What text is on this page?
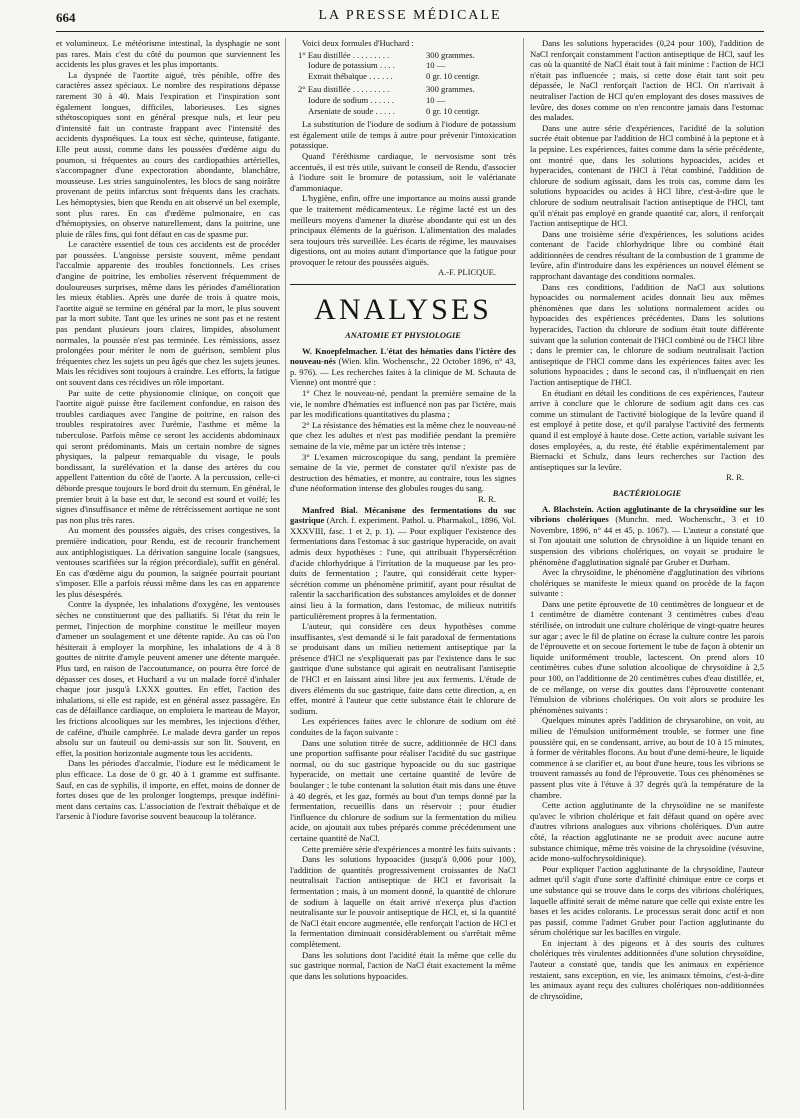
664	LA PRESSE MÉDICALE

et volumineux. Le météorisme intestinal, la dysphagie ne sont pas rares. Mais c'est du côté du poumon que surviennent les accidents les plus graves et les plus importants.

La dyspnée de l'aortite aiguë, très pénible, offre des caractères assez spéciaux. Le nombre des respirations dépasse rarement 30 à 40. Mais l'expiration et l'inspiration sont également longues, difficiles, laborieuses. Les signes sthétoscopiques sont en général presque nuls, et leur peu d'intensité fait un contraste frappant avec l'intensité des accidents dyspnéiques. La toux est sèche, quinteuse, fatigante. Elle peut aussi, comme dans les poussées d'œdème aigu du poumon, si fréquentes au cours des cardiopathies artérielles, s'accompagner d'une expectoration abondante, blanchâtre, mousseuse. Les stries sanguinolentes, les blocs de sang noirâtre provenant de petits infarctus sont fréquents dans les crachats. Les hémoptysies, bien que Rendu en ait observé un bel exemple, sont plus rares. En cas d'œdème pulmonaire, en cas d'hémoptysies, on observe naturellement, dans la poitrine, une pluie de râles fins, qui font défaut en cas de spasme pur.

Le caractère essentiel de tous ces accidents est de procéder par poussées. L'angoisse persiste souvent, même pendant l'accalmie apparente des troubles fonctionnels. Les crises d'angine de poitrine, les embolies réservent fréquemment de douloureuses surprises, même dans les périodes d'amélioration les mieux établies. Après une durée de trois à quatre mois, l'aortite aiguë se termine en général par la mort, le plus souvent par la mort subite. Tant que les urines ne sont pas et ne restent pas pendant plusieurs jours claires, limpides, absolument normales, la poussée n'est pas terminée. Les rémissions, assez prolongées pour mériter le nom de guérison, semblent plus fréquentes chez les sujets un peu âgés que chez les sujets jeunes. Mais les récidives sont toujours à craindre. Les efforts, la fatigue ont souvent dans ces récidives un rôle important.

Par suite de cette physionomie clinique, on conçoit que l'aortite aiguë puisse être facilement confondue, en raison des troubles cardiaques avec l'angine de poitrine, en raison des troubles respiratoires avec l'urémie, l'asthme et même la tuberculose. Parfois même ce seront les accidents abdominaux qui seront prédominants. Mais un certain nombre de signes physiques, la palpeur remarquable du visage, le pouls bondissant, la surélévation et la danse des artères du cou appellent l'attention du côté de l'aorte. A la percussion, celle-ci déborde presque toujours le bord droit du sternum. En général, le premier bruit à la base est dur, le second est sourd et voilé; les signes d'insuffisance et même de rétrécissement aortique ne sont pas non plus très rares.

Au moment des poussées aiguës, des crises congestives, la première indication, pour Rendu, est de recourir franchement aux antiphlogistiques. La dérivation sanguine locale (sangsues, ventouses scarifiées sur la région précordiale), suffit en général. En cas d'œdème aigu du poumon, la saignée pourrait pourtant s'imposer. Elle a parfois réussi même dans les cas en apparence les plus désespérés.

Contre la dyspnée, les inhalations d'oxygène, les ventouses sèches ne constitueront que des palliatifs. Si l'état du rein le permet, l'injection de morphine constitue le meilleur moyen d'amener un soulagement et une détente rapide. Au cas où l'on hésiterait à employer la morphine, les inhalations de 4 à 8 gouttes de nitrite d'amyle peuvent amener une détente marquée. Plus tard, en raison de l'accoutumance, on pourra être forcé de dépasser ces doses, et Huchard a vu un malade forcé d'inhaler chaque jour jusqu'à LXXX gouttes. En effet, l'action des inhalations, si elle est rapide, est en général assez passagère. En cas de défaillance cardiaque, on emploiera le marteau de Mayor, les frictions alcooliques sur les membres, les injections d'éther, de caféine, d'huile camphrée. Le malade devra garder un repos absolu sur un fauteuil ou demi-assis sur son lit. Souvent, en effet, la position horizontale augmente tous les accidents.

Dans les périodes d'accalmie, l'iodure est le médicament le plus efficace. La dose de 0 gr. 40 à 1 gramme est suffisante. Sauf, en cas de syphilis, il importe, en effet, moins de donner de fortes doses que de les prolonger longtemps, presque indéfiniment dans certains cas. L'association de l'extrait thébaïque et de l'arsenic à l'iodure favorise souvent beaucoup la tolérance.

Voici deux formules d'Huchard :

1° Eau distillée . . . . . . . . .	300 grammes.
Iodure de potassium . . . .	10 —
Extrait thébaïque . . . . . .	0 gr. 10 centigr.
2° Eau distillée . . . . . . . . .	300 grammes.
Iodure de sodium . . . . . .	10 —
Arseniate de soude . . . . .	0 gr. 10 centigr.

La substitution de l'iodure de sodium à l'iodure de potassium est également utile de temps à autre pour prévenir l'intoxication potassique.

Quand l'éréthisme cardiaque, le nervosisme sont très accentués, il est très utile, suivant le conseil de Rendu, d'associer à l'iodure soit le bromure de potassium, soit le valérianate d'ammoniaque.

L'hygiène, enfin, offre une importance au moins aussi grande que le traitement médicamenteux. Le régime lacté est un des meilleurs moyens d'amener la diurèse abondante qui est un des principaux éléments de la guérison. L'alimentation des malades sera toujours très surveillée. Les écarts de régime, les mauvaises digestions, ont au moins autant d'importance que la fatigue pour provoquer le retour des poussées aiguës.

A.-F. PLICQUE.
ANALYSES
ANATOMIE ET PHYSIOLOGIE

W. Knoepfelmacher. L'état des hématies dans l'ictère des nouveau-nés (Wien. klin. Wochenschr., 22 October 1896, n° 43, p. 976). — Les recherches faites à la clinique de M. Schauta de Vienne) ont montré que :

1° Chez le nouveau-né, pendant la première semaine de la vie, le nombre d'hématies est influencé non pas par l'ictère, mais par les modifications quantitatives du plasma ;

2° La résistance des hématies est la même chez le nouveau-né que chez les adultes et n'est pas modifiée pendant la première semaine de la vie, même par un ictère très intense ;

3° L'examen microscopique du sang, pendant la première semaine de la vie, permet de constater qu'il n'existe pas de destruction des hématies, et montre, au contraire, tous les signes d'une néoformation intense des globules rouges du sang.

R. R.

Manfred Bial. Mécanisme des fermentations du suc gastrique (Arch. f. experiment. Pathol. u. Pharmakol., 1896, Vol. XXXVIII, fasc. 1 et 2, p. 1). — Pour expliquer l'existence des fermentations dans l'estomac à suc gastrique hyperacide, on avait admis deux hypothèses : l'une, qui attribuait l'hypersécrétion d'acide chlorhydrique à l'irritation de la muqueuse par les produits de fermentation ; l'autre, qui considérait cette hypersécrétion comme un phénomène primitif, ayant pour résultat de ralentir la saccharification des substances amyloïdes et de donner ainsi lieu à la formation, dans l'estomac, de milieux nutritifs particulièrement propres à la fermentation.

L'auteur, qui considère ces deux hypothèses comme insuffisantes, s'est demandé si le fait paradoxal de fermentations se produisant dans un milieu nettement antiseptique par la présence d'HCl ne s'expliquerait pas par l'existence dans le suc gastrique d'une substance qui agirait en neutralisant l'antiseptie de l'HCl et en laissant ainsi libre jeu aux ferments. L'étude de divers éléments du suc gastrique, faite dans cette direction, a, en effet, montré à l'auteur que cette substance était le chlorure de sodium.

Les expériences faites avec le chlorure de sodium ont été conduites de la façon suivante :

Dans une solution titrée de sucre, additionnée de HCl dans une proportion suffisante pour réaliser l'acidité du suc gastrique normal, ou du suc gastrique hypoacide ou du suc gastrique hyperacide, on mettait une certaine quantité de levûre de boulanger ; le tube contenant la solution était mis dans une étuve à 40 degrés, et les gaz, formés au bout d'un temps donné par la fermentation, recueillis dans un réservoir ; pour étudier l'influence du chlorure de sodium sur la fermentation du milieu acide, on ajoutait aux tubes préparés comme précédemment une certaine quantité de NaCl.

Cette première série d'expériences a montré les faits suivants :

Dans les solutions hypoacides (jusqu'à 0,006 pour 100), l'addition de quantités progressivement croissantes de NaCl neutralisait l'action antiseptique de HCl et favorisait la fermentation ; mais, à un moment donné, la quantité de chlorure de sodium à laquelle on était arrivé n'exerça plus d'action neutralisante sur le pouvoir antiseptique de HCl, et, si la quantité de NaCl était encore augmentée, elle renforçait l'action de HCl et la fermentation diminuait considérablement ou s'arrêtait même complètement.

Dans les solutions dont l'acidité était la même que celle du suc gastrique normal, l'action de NaCl était exactement la même que dans les solutions hypoacides.

Dans les solutions hyperacides (0,24 pour 100), l'addition de NaCl renforçait constamment l'action antiseptique de HCl, sauf les cas où la quantité de NaCl était tout à fait minime : l'action de HCl n'était pas influencée ; mais, si cette dose était tant soit peu dépassée, le NaCl renforçait l'action de HCl. On n'arrivait à neutraliser l'action de HCl qu'en employant des doses massives de levûre, des doses comme on n'en rencontre jamais dans l'estomac des malades.

Dans une autre série d'expériences, l'acidité de la solution sucrée était obtenue par l'addition de HCl combiné à la peptone et à la pepsine. Les expériences, faites comme dans la série précédente, ont montré que, dans les solutions hypoacides, acides et hyperacides, contenant de l'HCl à l'état combiné, l'addition de chlorure de sodium agissait, dans les trois cas, comme dans les solutions hypoacides ou acides à HCl libre, c'est-à-dire que le chlorure de sodium neutralisait l'action antiseptique de l'HCl, tant qu'il n'était pas employé en grande quantité car, alors, il renforçait l'action antiseptique de HCl.

Dans une troisième série d'expériences, les solutions acides contenant de l'acide chlorhydrique libre ou combiné était additionnées de cendres résultant de la combustion de 1 gramme de levûre, afin d'introduire dans les expériences un nouvel élément se rapprochant davantage des conditions normales.

Dans ces conditions, l'addition de NaCl aux solutions hypoacides ou normalement acides donnait lieu aux mêmes phénomènes que dans les solutions normalement acides ou hypoacides des expériences précédentes. Dans les solutions hyperacides, l'action du chlorure de sodium était toute différente suivant que la solution contenait de l'HCl combiné ou de l'HCl libre ; dans le premier cas, le chlorure de sodium neutralisait l'action antiseptique de l'HCl comme dans les expériences faites avec les solutions hypoacides ; dans le second cas, il n'influençait en rien l'action antiseptique de l'HCl.

En étudiant en détail les conditions de ces expériences, l'auteur arrive à conclure que le chlorure de sodium agit dans ces cas comme un stimulant de l'activité biologique de la levûre quand il est employé à petite dose, et qu'il paralyse l'activité des ferments quand il est employé à haute dose. Cette action, variable suivant les doses employées, a, du reste, été établie expérimentalement par Biernacki et Schulz, dans leurs recherches sur l'action des antiseptiques sur la levûre.

R. R.
BACTÉRIOLOGIE

A. Blachstein. Action agglutinante de la chrysoïdine sur les vibrions cholériques (Munchn. med. Wochenschr., 3 et 10 Novembre, 1896, n° 44 et 45, p. 1067). — L'auteur a constaté que si l'on ajoutait une solution de chrysoïdine à un liquide tenant en suspension des vibrions cholériques, on voyait se produire le phénomène d'agglutination signalé par Gruber et Durham.

Avec la chrysoïdine, le phénomène d'agglutination des vibrions cholériques se manifeste le mieux quand on procède de la façon suivante :

Dans une petite éprouvette de 10 centimètres de longueur et de 1 centimètre de diamètre contenant 3 centimètres cubes d'eau stérilisée, on introduit une culture cholérique de vingt-quatre heures sur agar ; avec le fil de platine on écrase la culture contre les parois de l'éprouvette et on secoue fortement le tube de façon à obtenir un liquide uniformément trouble, lactescent. On prend alors 10 centimètres cubes d'une solution alcoolique de chrysoïdine à 2,5 pour 100, on l'additionne de 20 centimètres cubes d'eau distillée, et, de ce mélange, on verse dix gouttes dans l'éprouvette contenant l'émulsion de vibrions cholériques. On voit alors se produire les phénomènes suivants :

Quelques minutes après l'addition de chrysarobine, on voit, au milieu de l'émulsion uniformément trouble, se former une fine poussière qui, en se condensant, arrive, au bout de 10 à 15 minutes, à former de véritables flocons. Au bout d'une demi-heure, le liquide commence à se clarifier et, au bout d'une heure, tous les vibrions se trouvent ramassés au fond de l'éprouvette. Tous ces phénomènes se passent plus vite à l'étuve à 37 degrés qu'à la température de la chambre.

Cette action agglutinante de la chrysoïdine ne se manifeste qu'avec le vibrion cholérique et fait défaut quand on opère avec d'autres vibrions analogues aux vibrions cholériques. D'un autre côté, la réaction agglutinante ne se produit avec aucune autre substance chimique, même très voisine de la chrysoïdine (vésuvine, acide mono-sulfochrysoïdinique).

Pour expliquer l'action agglutinante de la chrysoïdine, l'auteur admet qu'il s'agit d'une sorte d'affinité chimique entre ce corps et une substance qui se trouve dans le corps des vibrions cholériques, laquelle affinité serait de même nature que celle qui existe entre les bases et les acides colorants. Le processus serait donc actif et non pas passif, comme l'admet Gruber pour l'action agglutinante du sérum cholérique sur les bacilles en virgule.

En injectant à des pigeons et à des souris des cultures cholériques très virulentes additionnées d'une solution chrysoïdine, l'auteur a constaté que, tandis que les animaux en expérience restaient, sans exception, en vie, les animaux témoins, c'est-à-dire les animaux ayant reçu des cultures cholériques non-additionnées de chrysoïdine,
